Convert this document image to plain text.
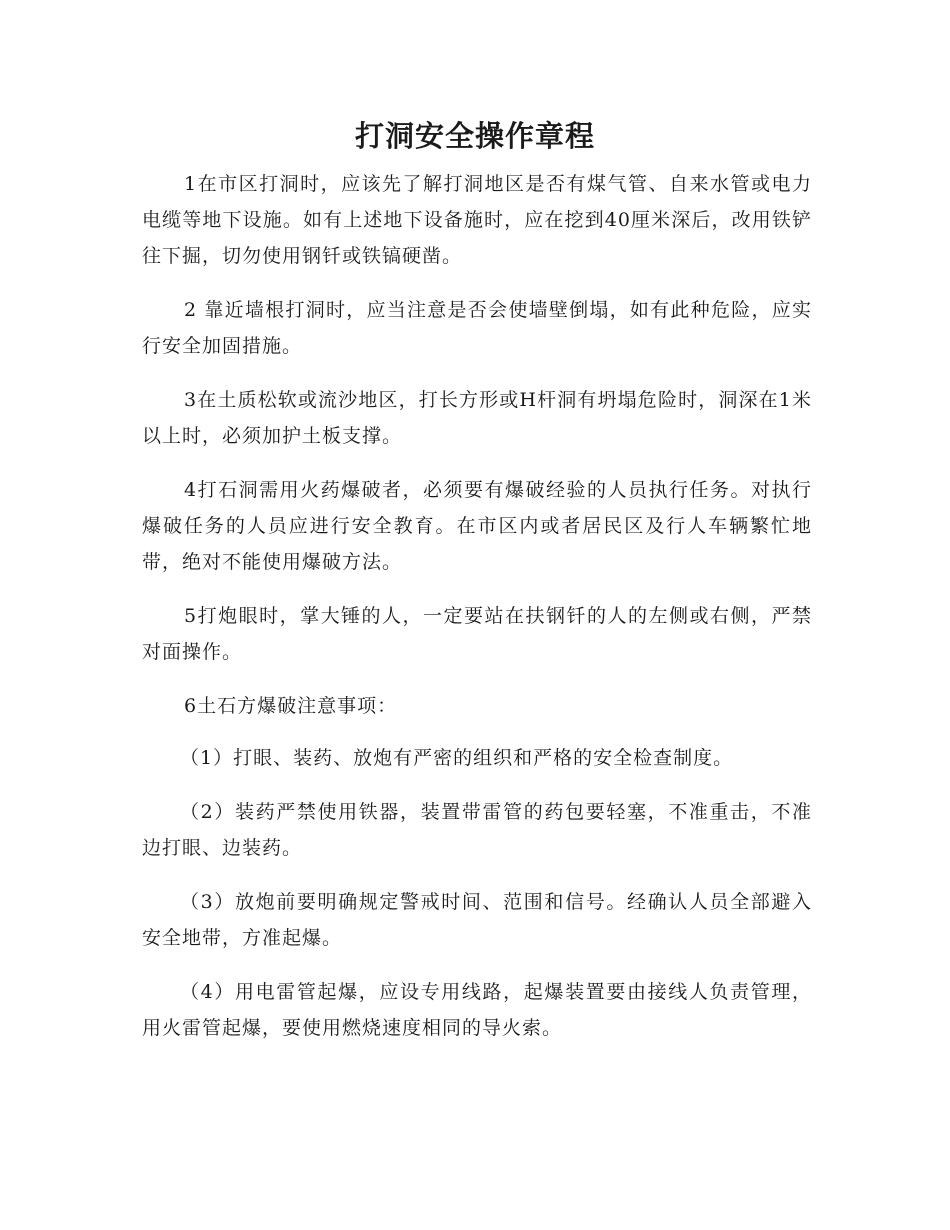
打洞安全操作章程

1在市区打洞时，应该先了解打洞地区是否有煤气管、自来水管或电力电缆等地下设施。如有上述地下设备施时，应在挖到40厘米深后，改用铁铲往下掘，切勿使用钢钎或铁镐硬凿。

2 靠近墙根打洞时，应当注意是否会使墙壁倒塌，如有此种危险，应实行安全加固措施。

3在土质松软或流沙地区，打长方形或H杆洞有坍塌危险时，洞深在1米以上时，必须加护土板支撑。

4打石洞需用火药爆破者，必须要有爆破经验的人员执行任务。对执行爆破任务的人员应进行安全教育。在市区内或者居民区及行人车辆繁忙地带，绝对不能使用爆破方法。

5打炮眼时，掌大锤的人，一定要站在扶钢钎的人的左侧或右侧，严禁对面操作。

6土石方爆破注意事项：

（1）打眼、装药、放炮有严密的组织和严格的安全检查制度。

（2）装药严禁使用铁器，装置带雷管的药包要轻塞，不准重击，不准边打眼、边装药。

（3）放炮前要明确规定警戒时间、范围和信号。经确认人员全部避入安全地带，方准起爆。

（4）用电雷管起爆，应设专用线路，起爆装置要由接线人负责管理，用火雷管起爆，要使用燃烧速度相同的导火索。
